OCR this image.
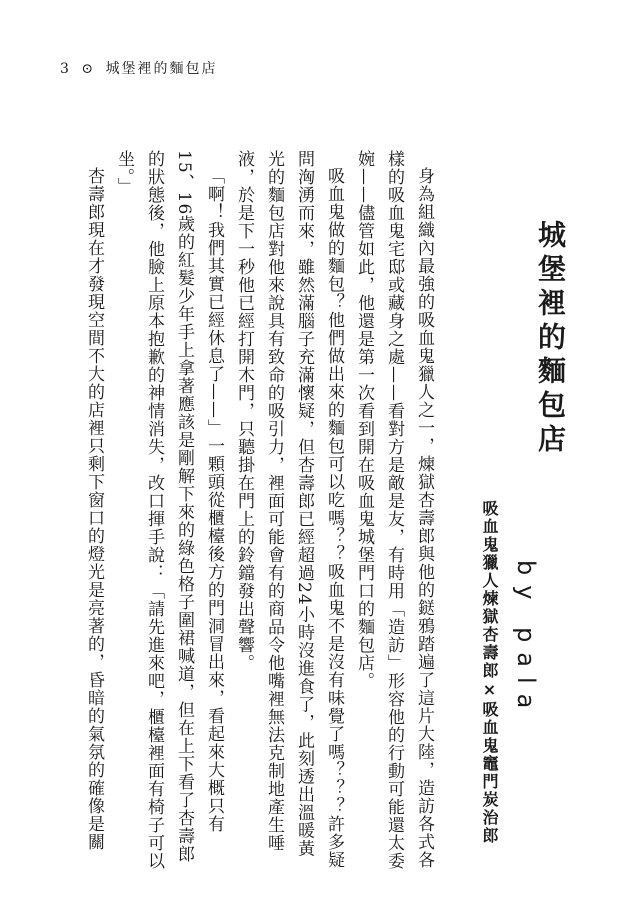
3 ⊙ 城堡裡的麵包店
城堡裡的麵包店
by pala
吸血鬼獵人煉獄杏壽郎×吸血鬼竈門炭治郎

身為組織內最強的吸血鬼獵人之一，煉獄杏壽郎與他的鎹鴉踏遍了這片大陸，造訪各式各樣的吸血鬼宅邸或藏身之處——看對方是敵是友，有時用「造訪」形容他的行動可能還太委婉——儘管如此，他還是第一次看到開在吸血鬼城堡門口的麵包店。

吸血鬼做的麵包？他們做出來的麵包可以吃嗎？？吸血鬼不是沒有味覺了嗎？？？許多疑問洶湧而來，雖然滿腦子充滿懷疑，但杏壽郎已經超過24小時沒進食了，此刻透出溫暖黃光的麵包店對他來說具有致命的吸引力，裡面可能會有的商品令他嘴裡無法克制地產生唾液，於是下一秒他已經打開木門，只聽掛在門上的鈴鐺發出聲響。

「啊！我們其實已經休息了——」一顆頭從櫃檯後方的門洞冒出來，看起來大概只有15、16歲的紅髮少年手上拿著應該是剛解下來的綠色格子圍裙喊道，但在上下看了杏壽郎的狀態後，他臉上原本抱歉的神情消失，改口揮手說：「請先進來吧，櫃檯裡面有椅子可以坐。」

杏壽郎現在才發現空間不大的店裡只剩下窗口的燈光是亮著的，昏暗的氣氛的確像是關
